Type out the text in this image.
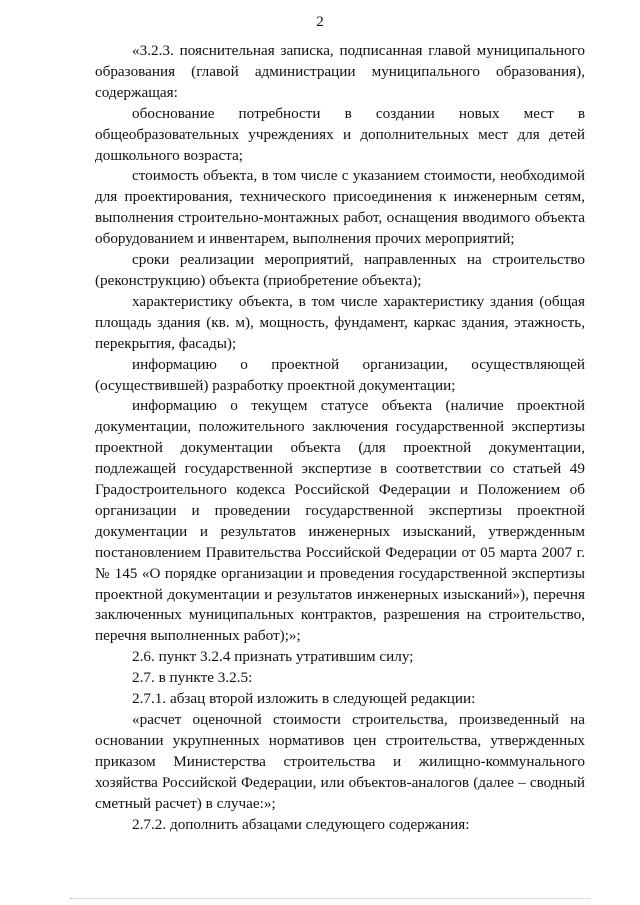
2

«3.2.3. пояснительная записка, подписанная главой муниципального образования (главой администрации муниципального образования), содержащая:

обоснование потребности в создании новых мест в общеобразовательных учреждениях и дополнительных мест для детей дошкольного возраста;

стоимость объекта, в том числе с указанием стоимости, необходимой для проектирования, технического присоединения к инженерным сетям, выполнения строительно-монтажных работ, оснащения вводимого объекта оборудованием и инвентарем, выполнения прочих мероприятий;

сроки реализации мероприятий, направленных на строительство (реконструкцию) объекта (приобретение объекта);

характеристику объекта, в том числе характеристику здания (общая площадь здания (кв. м), мощность, фундамент, каркас здания, этажность, перекрытия, фасады);

информацию о проектной организации, осуществляющей (осуществившей) разработку проектной документации;

информацию о текущем статусе объекта (наличие проектной документации, положительного заключения государственной экспертизы проектной документации объекта (для проектной документации, подлежащей государственной экспертизе в соответствии со статьей 49 Градостроительного кодекса Российской Федерации и Положением об организации и проведении государственной экспертизы проектной документации и результатов инженерных изысканий, утвержденным постановлением Правительства Российской Федерации от 05 марта 2007 г. № 145 «О порядке организации и проведения государственной экспертизы проектной документации и результатов инженерных изысканий»), перечня заключенных муниципальных контрактов, разрешения на строительство, перечня выполненных работ);»;

2.6. пункт 3.2.4 признать утратившим силу;

2.7. в пункте 3.2.5:

2.7.1. абзац второй изложить в следующей редакции:

«расчет оценочной стоимости строительства, произведенный на основании укрупненных нормативов цен строительства, утвержденных приказом Министерства строительства и жилищно-коммунального хозяйства Российской Федерации, или объектов-аналогов (далее – сводный сметный расчет) в случае:»;

2.7.2. дополнить абзацами следующего содержания:
